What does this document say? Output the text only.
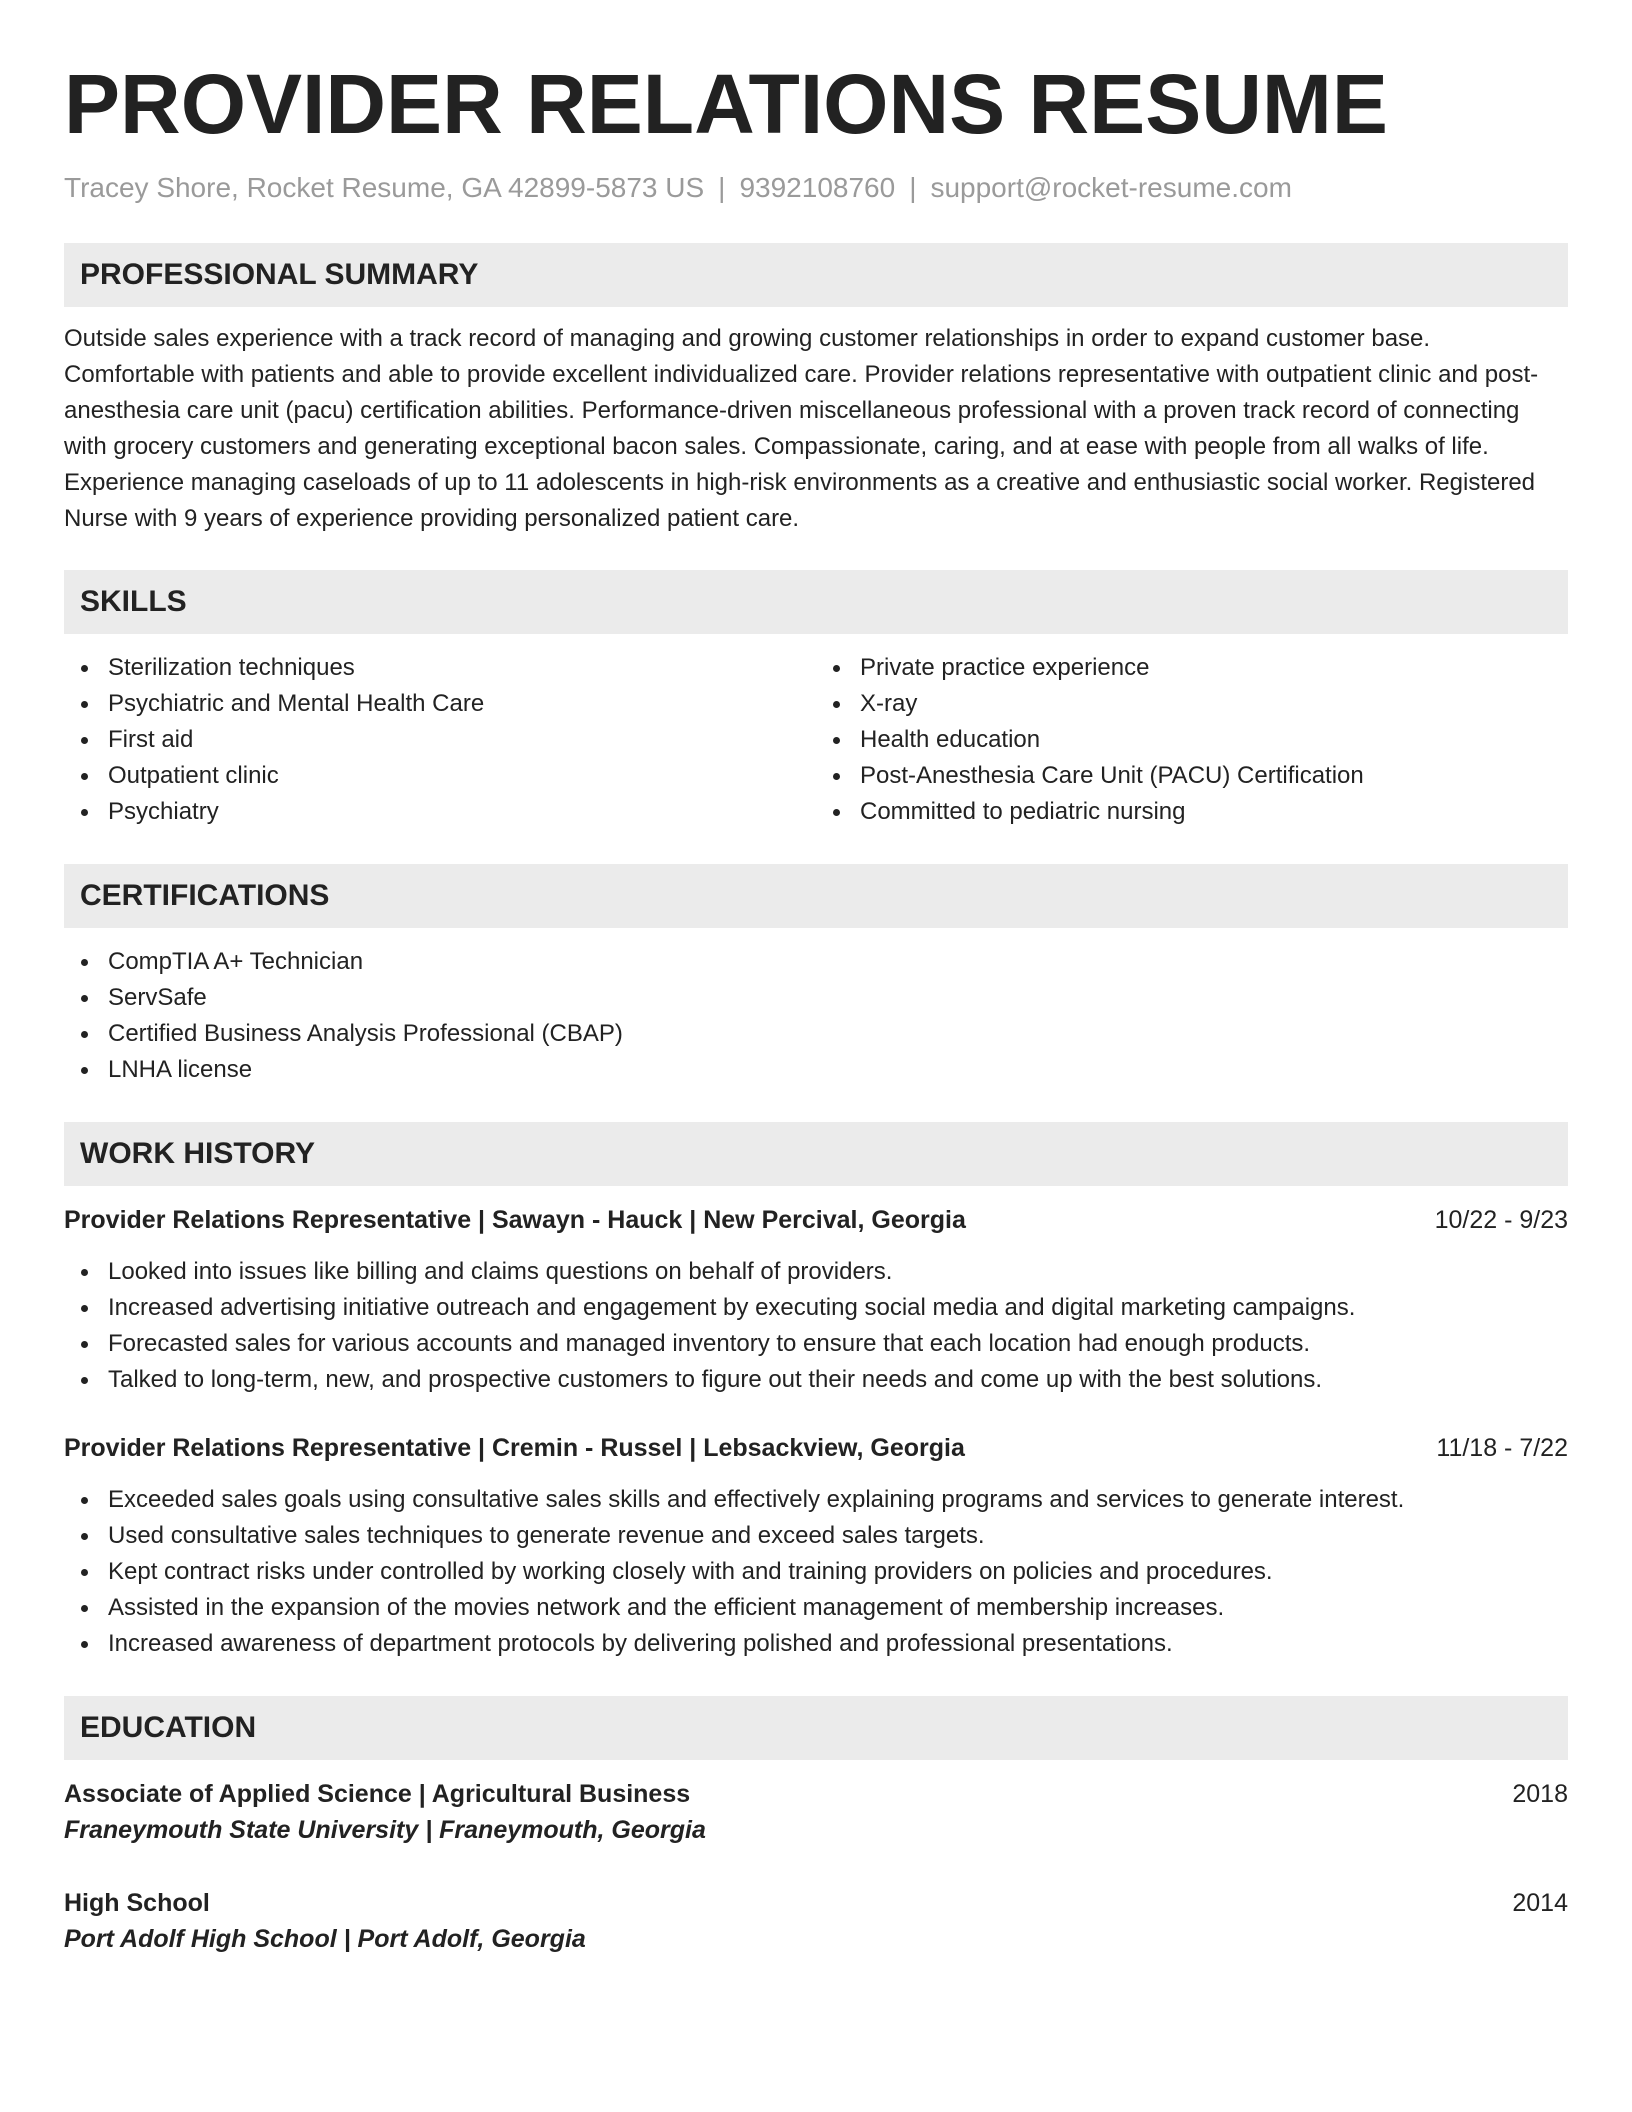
PROVIDER RELATIONS RESUME
Tracey Shore, Rocket Resume, GA 42899-5873 US | 9392108760 | support@rocket-resume.com
PROFESSIONAL SUMMARY
Outside sales experience with a track record of managing and growing customer relationships in order to expand customer base. Comfortable with patients and able to provide excellent individualized care. Provider relations representative with outpatient clinic and post-anesthesia care unit (pacu) certification abilities. Performance-driven miscellaneous professional with a proven track record of connecting with grocery customers and generating exceptional bacon sales. Compassionate, caring, and at ease with people from all walks of life. Experience managing caseloads of up to 11 adolescents in high-risk environments as a creative and enthusiastic social worker. Registered Nurse with 9 years of experience providing personalized patient care.
SKILLS
Sterilization techniques
Psychiatric and Mental Health Care
First aid
Outpatient clinic
Psychiatry
Private practice experience
X-ray
Health education
Post-Anesthesia Care Unit (PACU) Certification
Committed to pediatric nursing
CERTIFICATIONS
CompTIA A+ Technician
ServSafe
Certified Business Analysis Professional (CBAP)
LNHA license
WORK HISTORY
Provider Relations Representative | Sawayn - Hauck | New Percival, Georgia	10/22 - 9/23
Looked into issues like billing and claims questions on behalf of providers.
Increased advertising initiative outreach and engagement by executing social media and digital marketing campaigns.
Forecasted sales for various accounts and managed inventory to ensure that each location had enough products.
Talked to long-term, new, and prospective customers to figure out their needs and come up with the best solutions.
Provider Relations Representative | Cremin - Russel | Lebsackview, Georgia	11/18 - 7/22
Exceeded sales goals using consultative sales skills and effectively explaining programs and services to generate interest.
Used consultative sales techniques to generate revenue and exceed sales targets.
Kept contract risks under controlled by working closely with and training providers on policies and procedures.
Assisted in the expansion of the movies network and the efficient management of membership increases.
Increased awareness of department protocols by delivering polished and professional presentations.
EDUCATION
Associate of Applied Science | Agricultural Business	2018
Franeymouth State University | Franeymouth, Georgia
High School	2014
Port Adolf High School | Port Adolf, Georgia
